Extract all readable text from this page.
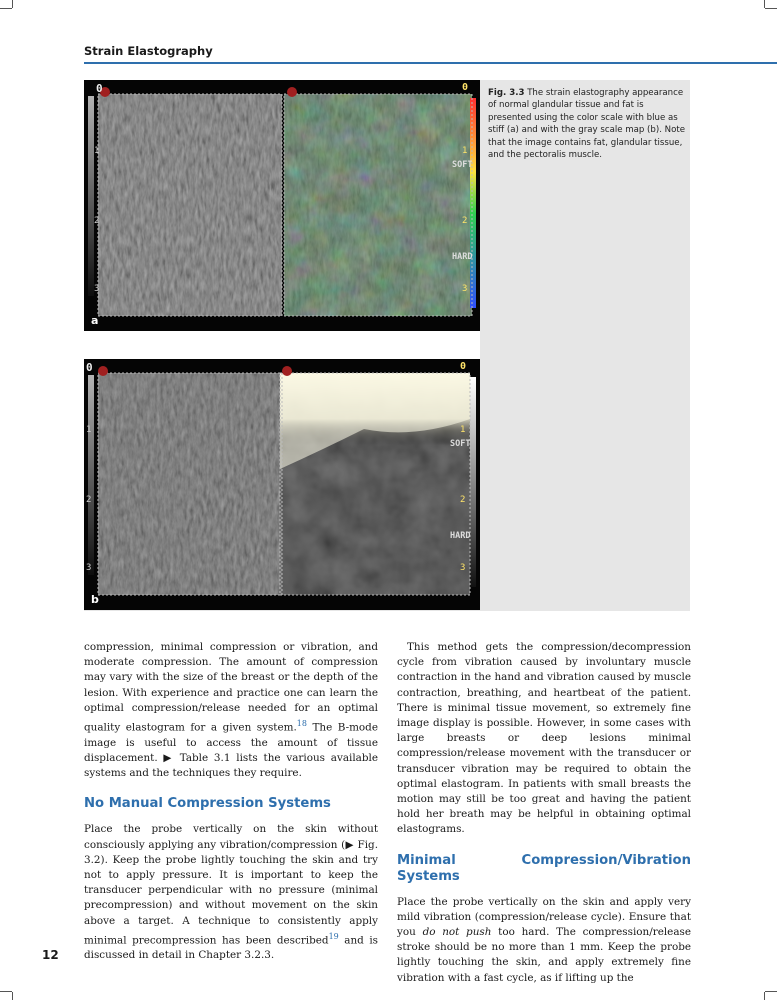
Strain Elastography
0
1
2
3
0
1
2
3
SOFT
HARD
a
0
1
2
3
0
1
2
3
SOFT
HARD
b
Fig. 3.3 The strain elastography appearance of normal glandular tissue and fat is presented using the color scale with blue as stiff (a) and with the gray scale map (b). Note that the image contains fat, glandular tissue, and the pectoralis muscle.

compression, minimal compression or vibration, and moderate compression. The amount of compression may vary with the size of the breast or the depth of the lesion. With experience and practice one can learn the optimal compression/release needed for an optimal quality elastogram for a given system.$^{18}$ The B-mode image is useful to access the amount of tissue displacement. ▶ Table 3.1 lists the various available systems and the techniques they require.

No Manual Compression Systems

Place the probe vertically on the skin without consciously applying any vibration/compression (▶ Fig. 3.2). Keep the probe lightly touching the skin and try not to apply pressure. It is important to keep the transducer perpendicular with no pressure (minimal precompression) and without movement on the skin above a target. A technique to consistently apply minimal precompression has been described$^{19}$ and is discussed in detail in Chapter 3.2.3.

This method gets the compression/decompression cycle from vibration caused by involuntary muscle contraction in the hand and vibration caused by muscle contraction, breathing, and heartbeat of the patient. There is minimal tissue movement, so extremely fine image display is possible. However, in some cases with large breasts or deep lesions minimal compression/release movement with the transducer or transducer vibration may be required to obtain the optimal elastogram. In patients with small breasts the motion may still be too great and having the patient hold her breath may be helpful in obtaining optimal elastograms.

Minimal Compression/Vibration Systems

Place the probe vertically on the skin and apply very mild vibration (compression/release cycle). Ensure that you do not push too hard. The compression/release stroke should be no more than 1 mm. Keep the probe lightly touching the skin, and apply extremely fine vibration with a fast cycle, as if lifting up the

12
